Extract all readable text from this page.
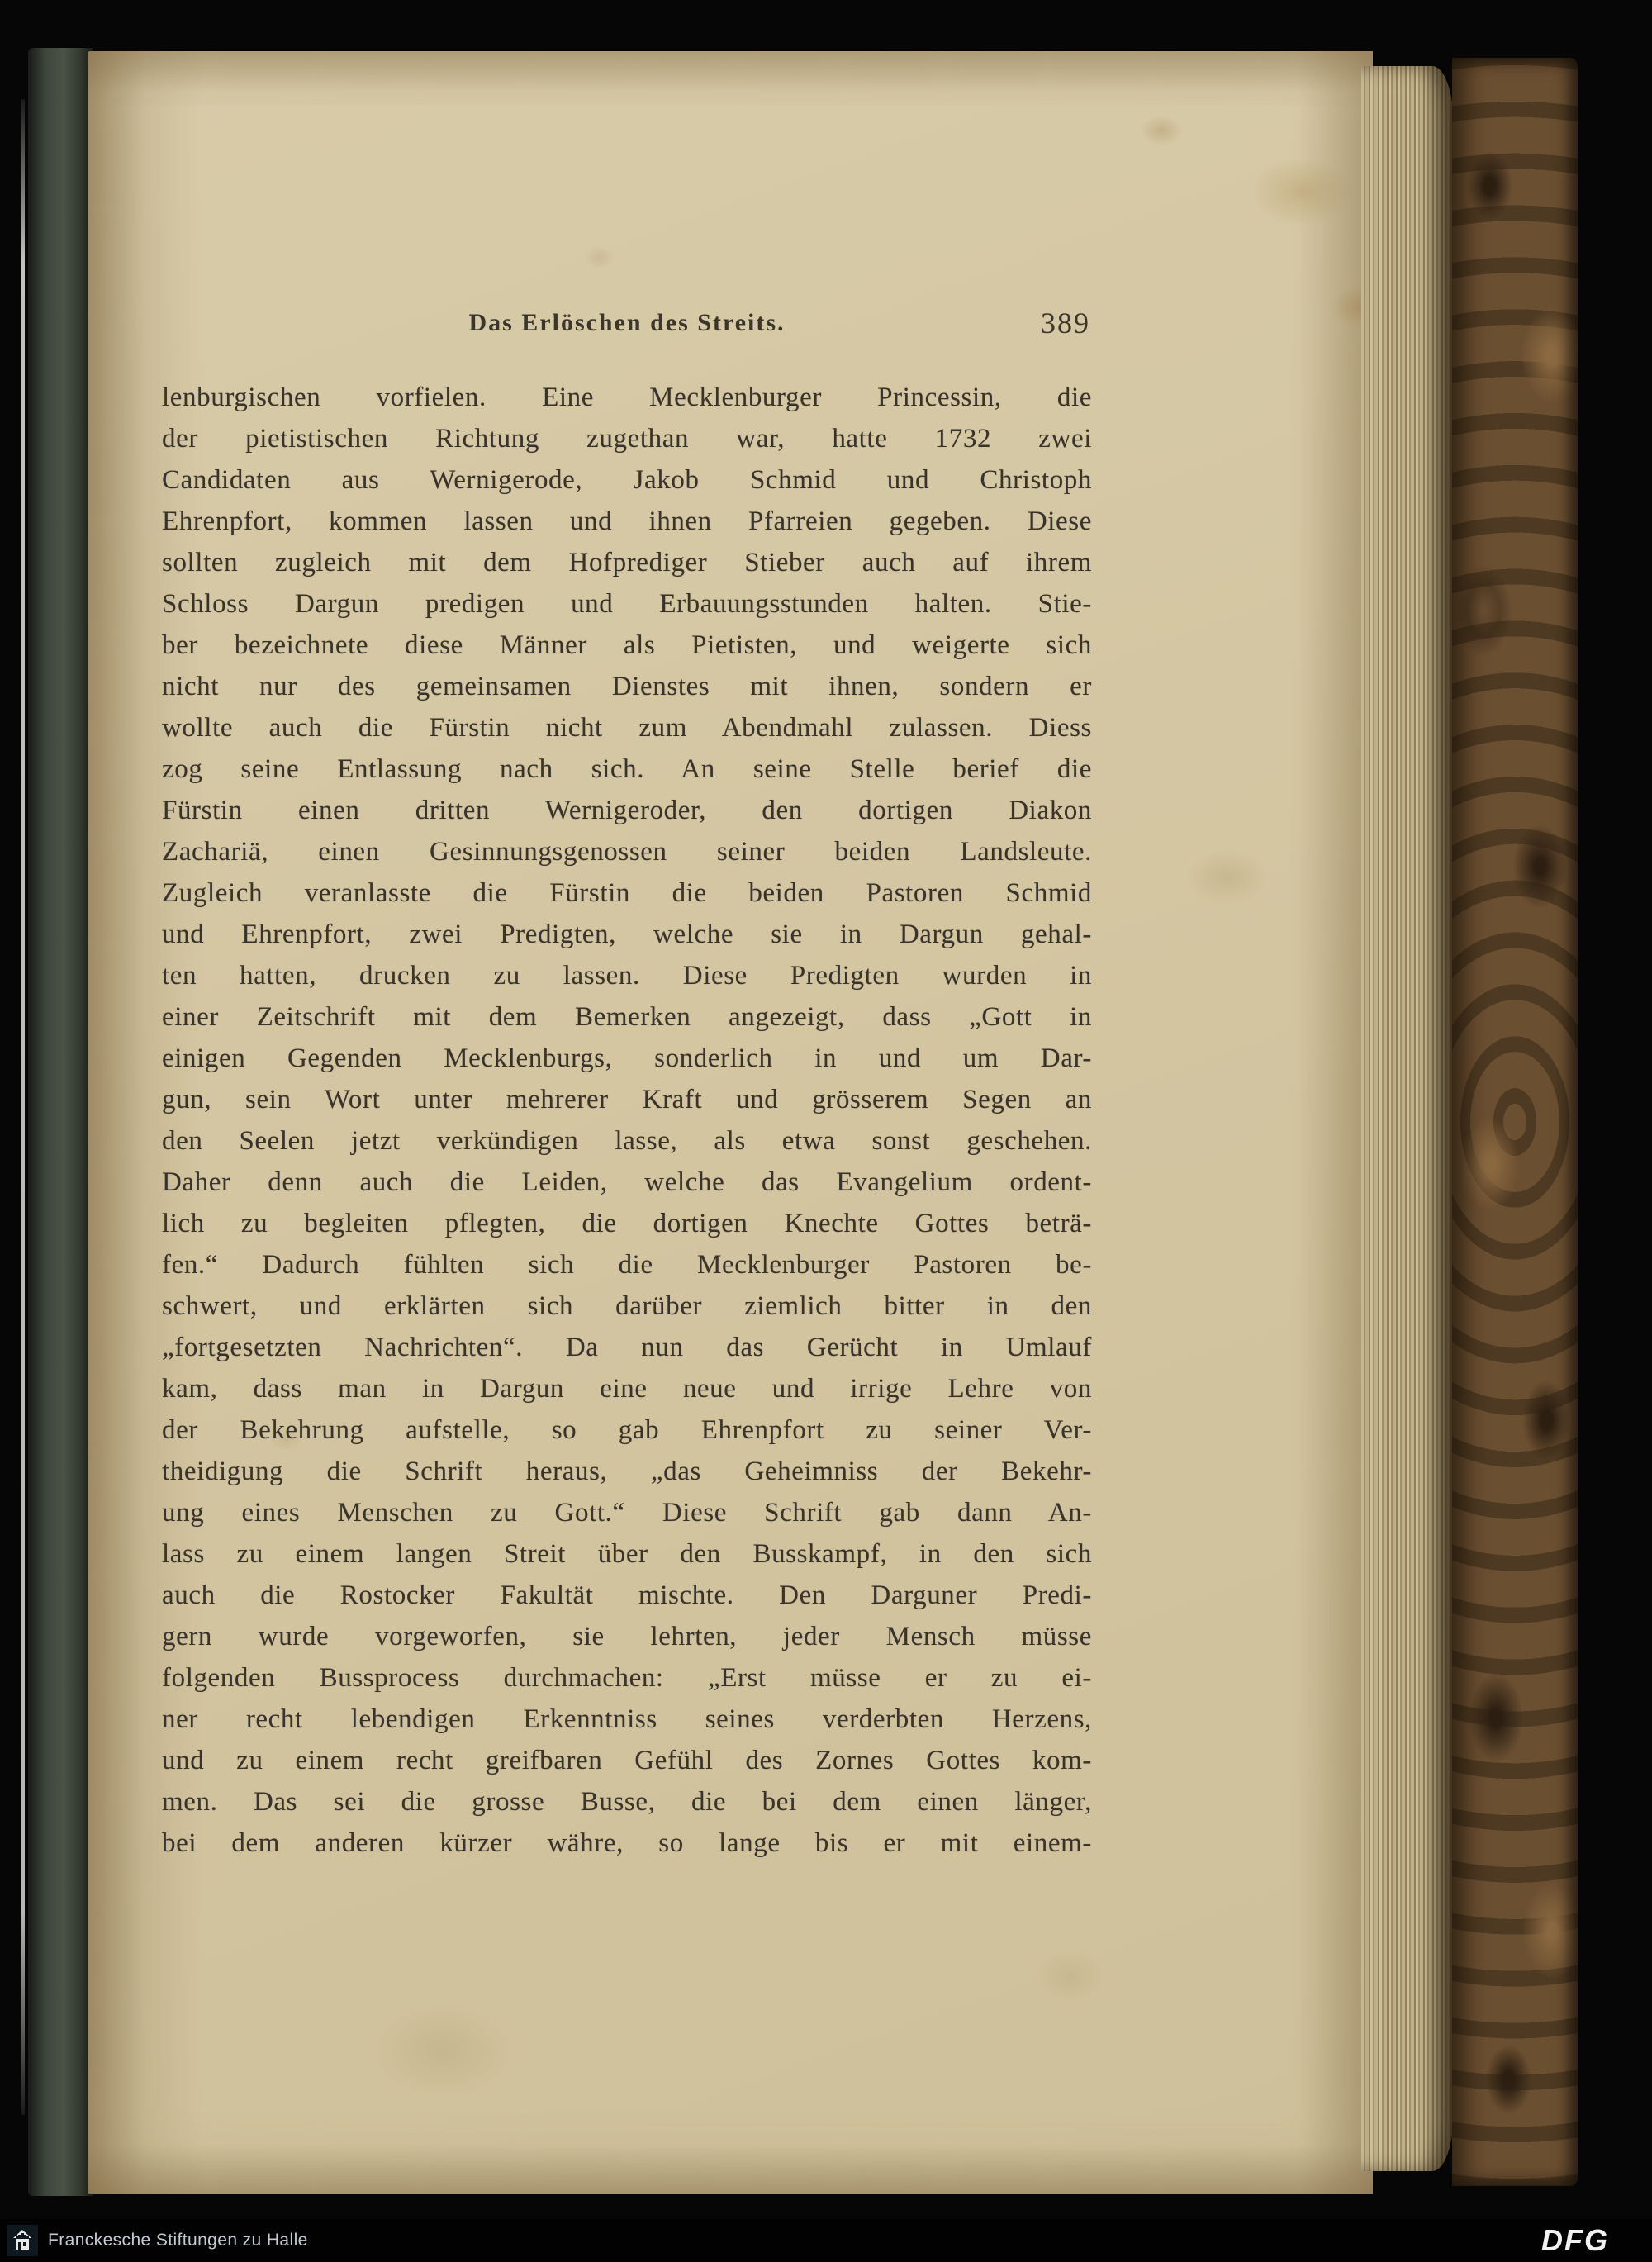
Das Erlöschen des Streits.	389
lenburgischen vorfielen. Eine Mecklenburger Princessin, die
der pietistischen Richtung zugethan war, hatte 1732 zwei
Candidaten aus Wernigerode, Jakob Schmid und Christoph
Ehrenpfort, kommen lassen und ihnen Pfarreien gegeben. Diese
sollten zugleich mit dem Hofprediger Stieber auch auf ihrem
Schloss Dargun predigen und Erbauungsstunden halten. Stie-
ber bezeichnete diese Männer als Pietisten, und weigerte sich
nicht nur des gemeinsamen Dienstes mit ihnen, sondern er
wollte auch die Fürstin nicht zum Abendmahl zulassen. Diess
zog seine Entlassung nach sich. An seine Stelle berief die
Fürstin einen dritten Wernigeroder, den dortigen Diakon
Zachariä, einen Gesinnungsgenossen seiner beiden Landsleute.
Zugleich veranlasste die Fürstin die beiden Pastoren Schmid
und Ehrenpfort, zwei Predigten, welche sie in Dargun gehal-
ten hatten, drucken zu lassen. Diese Predigten wurden in
einer Zeitschrift mit dem Bemerken angezeigt, dass „Gott in
einigen Gegenden Mecklenburgs, sonderlich in und um Dar-
gun, sein Wort unter mehrerer Kraft und grösserem Segen an
den Seelen jetzt verkündigen lasse, als etwa sonst geschehen.
Daher denn auch die Leiden, welche das Evangelium ordent-
lich zu begleiten pflegten, die dortigen Knechte Gottes beträ-
fen.“ Dadurch fühlten sich die Mecklenburger Pastoren be-
schwert, und erklärten sich darüber ziemlich bitter in den
„fortgesetzten Nachrichten“. Da nun das Gerücht in Umlauf
kam, dass man in Dargun eine neue und irrige Lehre von
der Bekehrung aufstelle, so gab Ehrenpfort zu seiner Ver-
theidigung die Schrift heraus, „das Geheimniss der Bekehr-
ung eines Menschen zu Gott.“ Diese Schrift gab dann An-
lass zu einem langen Streit über den Busskampf, in den sich
auch die Rostocker Fakultät mischte. Den Darguner Predi-
gern wurde vorgeworfen, sie lehrten, jeder Mensch müsse
folgenden Bussprocess durchmachen: „Erst müsse er zu ei-
ner recht lebendigen Erkenntniss seines verderbten Herzens,
und zu einem recht greifbaren Gefühl des Zornes Gottes kom-
men. Das sei die grosse Busse, die bei dem einen länger,
bei dem anderen kürzer währe, so lange bis er mit einem-
Franckesche Stiftungen zu Halle	DFG
